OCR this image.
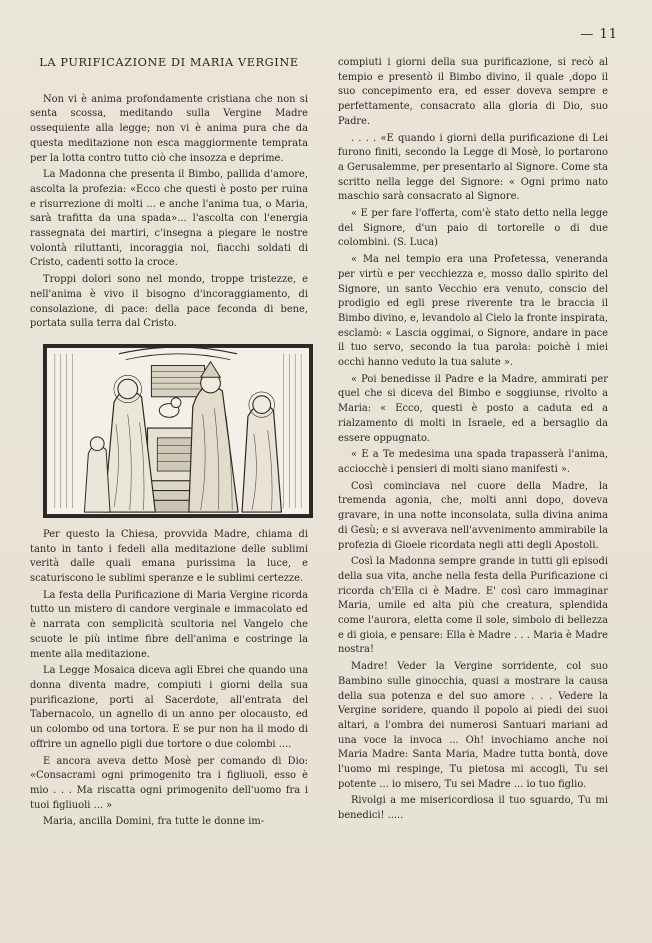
— 11
LA PURIFICAZIONE DI MARIA VERGINE

Non vi è anima profondamente cristiana che non si senta scossa, meditando sulla Vergine Madre ossequiente alla legge; non vi è anima pura che da questa meditazione non esca maggiormente temprata per la lotta contro tutto ciò che insozza e deprime.

La Madonna che presenta il Bimbo, pallida d'amore, ascolta la profezia: «Ecco che questi è posto per ruina e risurrezione di molti ... e anche l'anima tua, o Maria, sarà trafitta da una spada»... l'ascolta con l'energia rassegnata dei martiri, c'insegna a piegare le nostre volontà riluttanti, incoraggia noi, fiacchi soldati di Cristo, cadenti sotto la croce.

Troppi dolori sono nel mondo, troppe tristezze, e nell'anima è vivo il bisogno d'incoraggiamento, di consolazione, di pace: della pace feconda di bene, portata sulla terra dal Cristo.

Per questo la Chiesa, provvida Madre, chiama di tanto in tanto i fedeli alla meditazione delle sublimi verità dalle quali emana purissima la luce, e scaturiscono le sublimi speranze e le sublimi certezze.

La festa della Purificazione di Maria Vergine ricorda tutto un mistero di candore verginale e immacolato ed è narrata con semplicità scultoria nel Vangelo che scuote le più intime fibre dell'anima e costringe la mente alla meditazione.

La Legge Mosaica diceva agli Ebrei che quando una donna diventa madre, compiuti i giorni della sua purificazione, porti al Sacerdote, all'entrata del Tabernacolo, un agnello di un anno per olocausto, ed un colombo od una tortora. E se pur non ha il modo di offrire un agnello pigli due tortore o due colombi ....

E ancora aveva detto Mosè per comando di Dio: «Consacrami ogni primogenito tra i figliuoli, esso è mio . . . Ma riscatta ogni primogenito dell'uomo fra i tuoi figliuoli ... »

Maria, ancilla Domini, fra tutte le donne im-

compiuti i giorni della sua purificazione, si recò al tempio e presentò il Bimbo divino, il quale ,dopo il suo concepimento era, ed esser doveva sempre e perfettamente, consacrato alla gloria di Dio, suo Padre.

. . . . «E quando i giorni della purificazione di Lei furono finiti, secondo la Legge di Mosè, lo portarono a Gerusalemme, per presentarlo al Signore. Come sta scritto nella legge del Signore: « Ogni primo nato maschio sarà consacrato al Signore.

« E per fare l'offerta, com'è stato detto nella legge del Signore, d'un paio di tortorelle o di due colombini. (S. Luca)

« Ma nel tempio era una Profetessa, veneranda per virtù e per vecchiezza e, mosso dallo spirito del Signore, un santo Vecchio era venuto, conscio del prodigio ed egli prese riverente tra le braccia il Bimbo divino, e, levandolo al Cielo la fronte inspirata, esclamò: « Lascia oggimai, o Signore, andare in pace il tuo servo, secondo la tua parola: poichè i miei occhi hanno veduto la tua salute ».

« Poi benedisse il Padre e la Madre, ammirati per quel che si diceva del Bimbo e soggiunse, rivolto a Maria: « Ecco, questi è posto a caduta ed a rialzamento di molti in Israele, ed a bersaglio da essere oppugnato.

« E a Te medesima una spada trapasserà l'anima, acciocchè i pensieri di molti siano manifesti ».

Così cominciava nel cuore della Madre, la tremenda agonia, che, molti anni dopo, doveva gravare, in una notte inconsolata, sulla divina anima di Gesù; e si avverava nell'avvenimento ammirabile la profezia di Gioele ricordata negli atti degli Apostoli.

Così la Madonna sempre grande in tutti gli episodi della sua vita, anche nella festa della Purificazione ci ricorda ch'Ella ci è Madre. E' così caro immaginar Maria, umile ed alta più che creatura, splendida come l'aurora, eletta come il sole, simbolo di bellezza e di gioia, e pensare: Ella è Madre . . . Maria è Madre nostra!

Madre! Veder la Vergine sorridente, col suo Bambino sulle ginocchia, quasi a mostrare la causa della sua potenza e del suo amore . . . Vedere la Vergine soridere, quando il popolo ai piedi dei suoi altari, a l'ombra dei numerosi Santuari mariani ad una voce la invoca ... Oh! invochiamo anche noi Maria Madre: Santa Maria, Madre tutta bontà, dove l'uomo mi respinge, Tu pietosa mi accogli, Tu sei potente ... io misero, Tu sei Madre ... io tuo figlio.

Rivolgi a me misericordiosa il tuo sguardo, Tu mi benedici! .....
